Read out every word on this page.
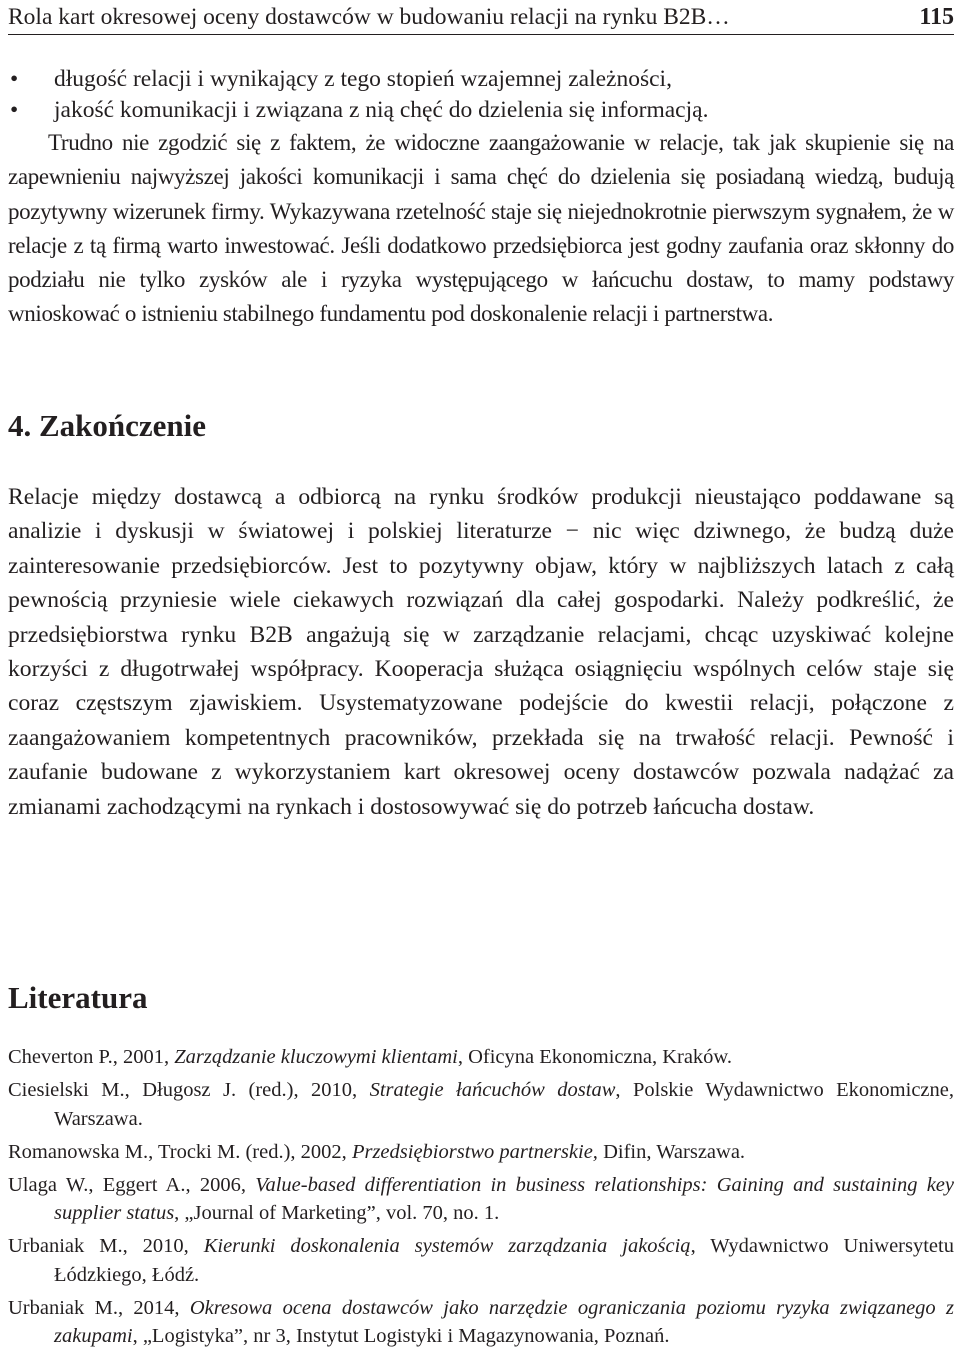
Rola kart okresowej oceny dostawców w budowaniu relacji na rynku B2B…	115
• długość relacji i wynikający z tego stopień wzajemnej zależności,
• jakość komunikacji i związana z nią chęć do dzielenia się informacją.

Trudno nie zgodzić się z faktem, że widoczne zaangażowanie w relacje, tak jak skupienie się na zapewnieniu najwyższej jakości komunikacji i sama chęć do dzielenia się posiadaną wiedzą, budują pozytywny wizerunek firmy. Wykazywana rzetelność staje się niejednokrotnie pierwszym sygnałem, że w relacje z tą firmą warto inwestować. Jeśli dodatkowo przedsiębiorca jest godny zaufania oraz skłonny do podziału nie tylko zysków ale i ryzyka występującego w łańcuchu dostaw, to mamy podstawy wnioskować o istnieniu stabilnego fundamentu pod doskonalenie relacji i partnerstwa.

4. Zakończenie

Relacje między dostawcą a odbiorcą na rynku środków produkcji nieustająco poddawane są analizie i dyskusji w światowej i polskiej literaturze − nic więc dziwnego, że budzą duże zainteresowanie przedsiębiorców. Jest to pozytywny objaw, który w najbliższych latach z całą pewnością przyniesie wiele ciekawych rozwiązań dla całej gospodarki. Należy podkreślić, że przedsiębiorstwa rynku B2B angażują się w zarządzanie relacjami, chcąc uzyskiwać kolejne korzyści z długotrwałej współpracy. Kooperacja służąca osiągnięciu wspólnych celów staje się coraz częstszym zjawiskiem. Usystematyzowane podejście do kwestii relacji, połączone z zaangażowaniem kompetentnych pracowników, przekłada się na trwałość relacji. Pewność i zaufanie budowane z wykorzystaniem kart okresowej oceny dostawców pozwala nadążać za zmianami zachodzącymi na rynkach i dostosowywać się do potrzeb łańcucha dostaw.

Literatura
Cheverton P., 2001, Zarządzanie kluczowymi klientami, Oficyna Ekonomiczna, Kraków.
Ciesielski M., Długosz J. (red.), 2010, Strategie łańcuchów dostaw, Polskie Wydawnictwo Ekonomiczne, Warszawa.
Romanowska M., Trocki M. (red.), 2002, Przedsiębiorstwo partnerskie, Difin, Warszawa.
Ulaga W., Eggert A., 2006, Value-based differentiation in business relationships: Gaining and sustaining key supplier status, „Journal of Marketing”, vol. 70, no. 1.
Urbaniak M., 2010, Kierunki doskonalenia systemów zarządzania jakością, Wydawnictwo Uniwersytetu Łódzkiego, Łódź.
Urbaniak M., 2014, Okresowa ocena dostawców jako narzędzie ograniczania poziomu ryzyka związanego z zakupami, „Logistyka”, nr 3, Instytut Logistyki i Magazynowania, Poznań.
